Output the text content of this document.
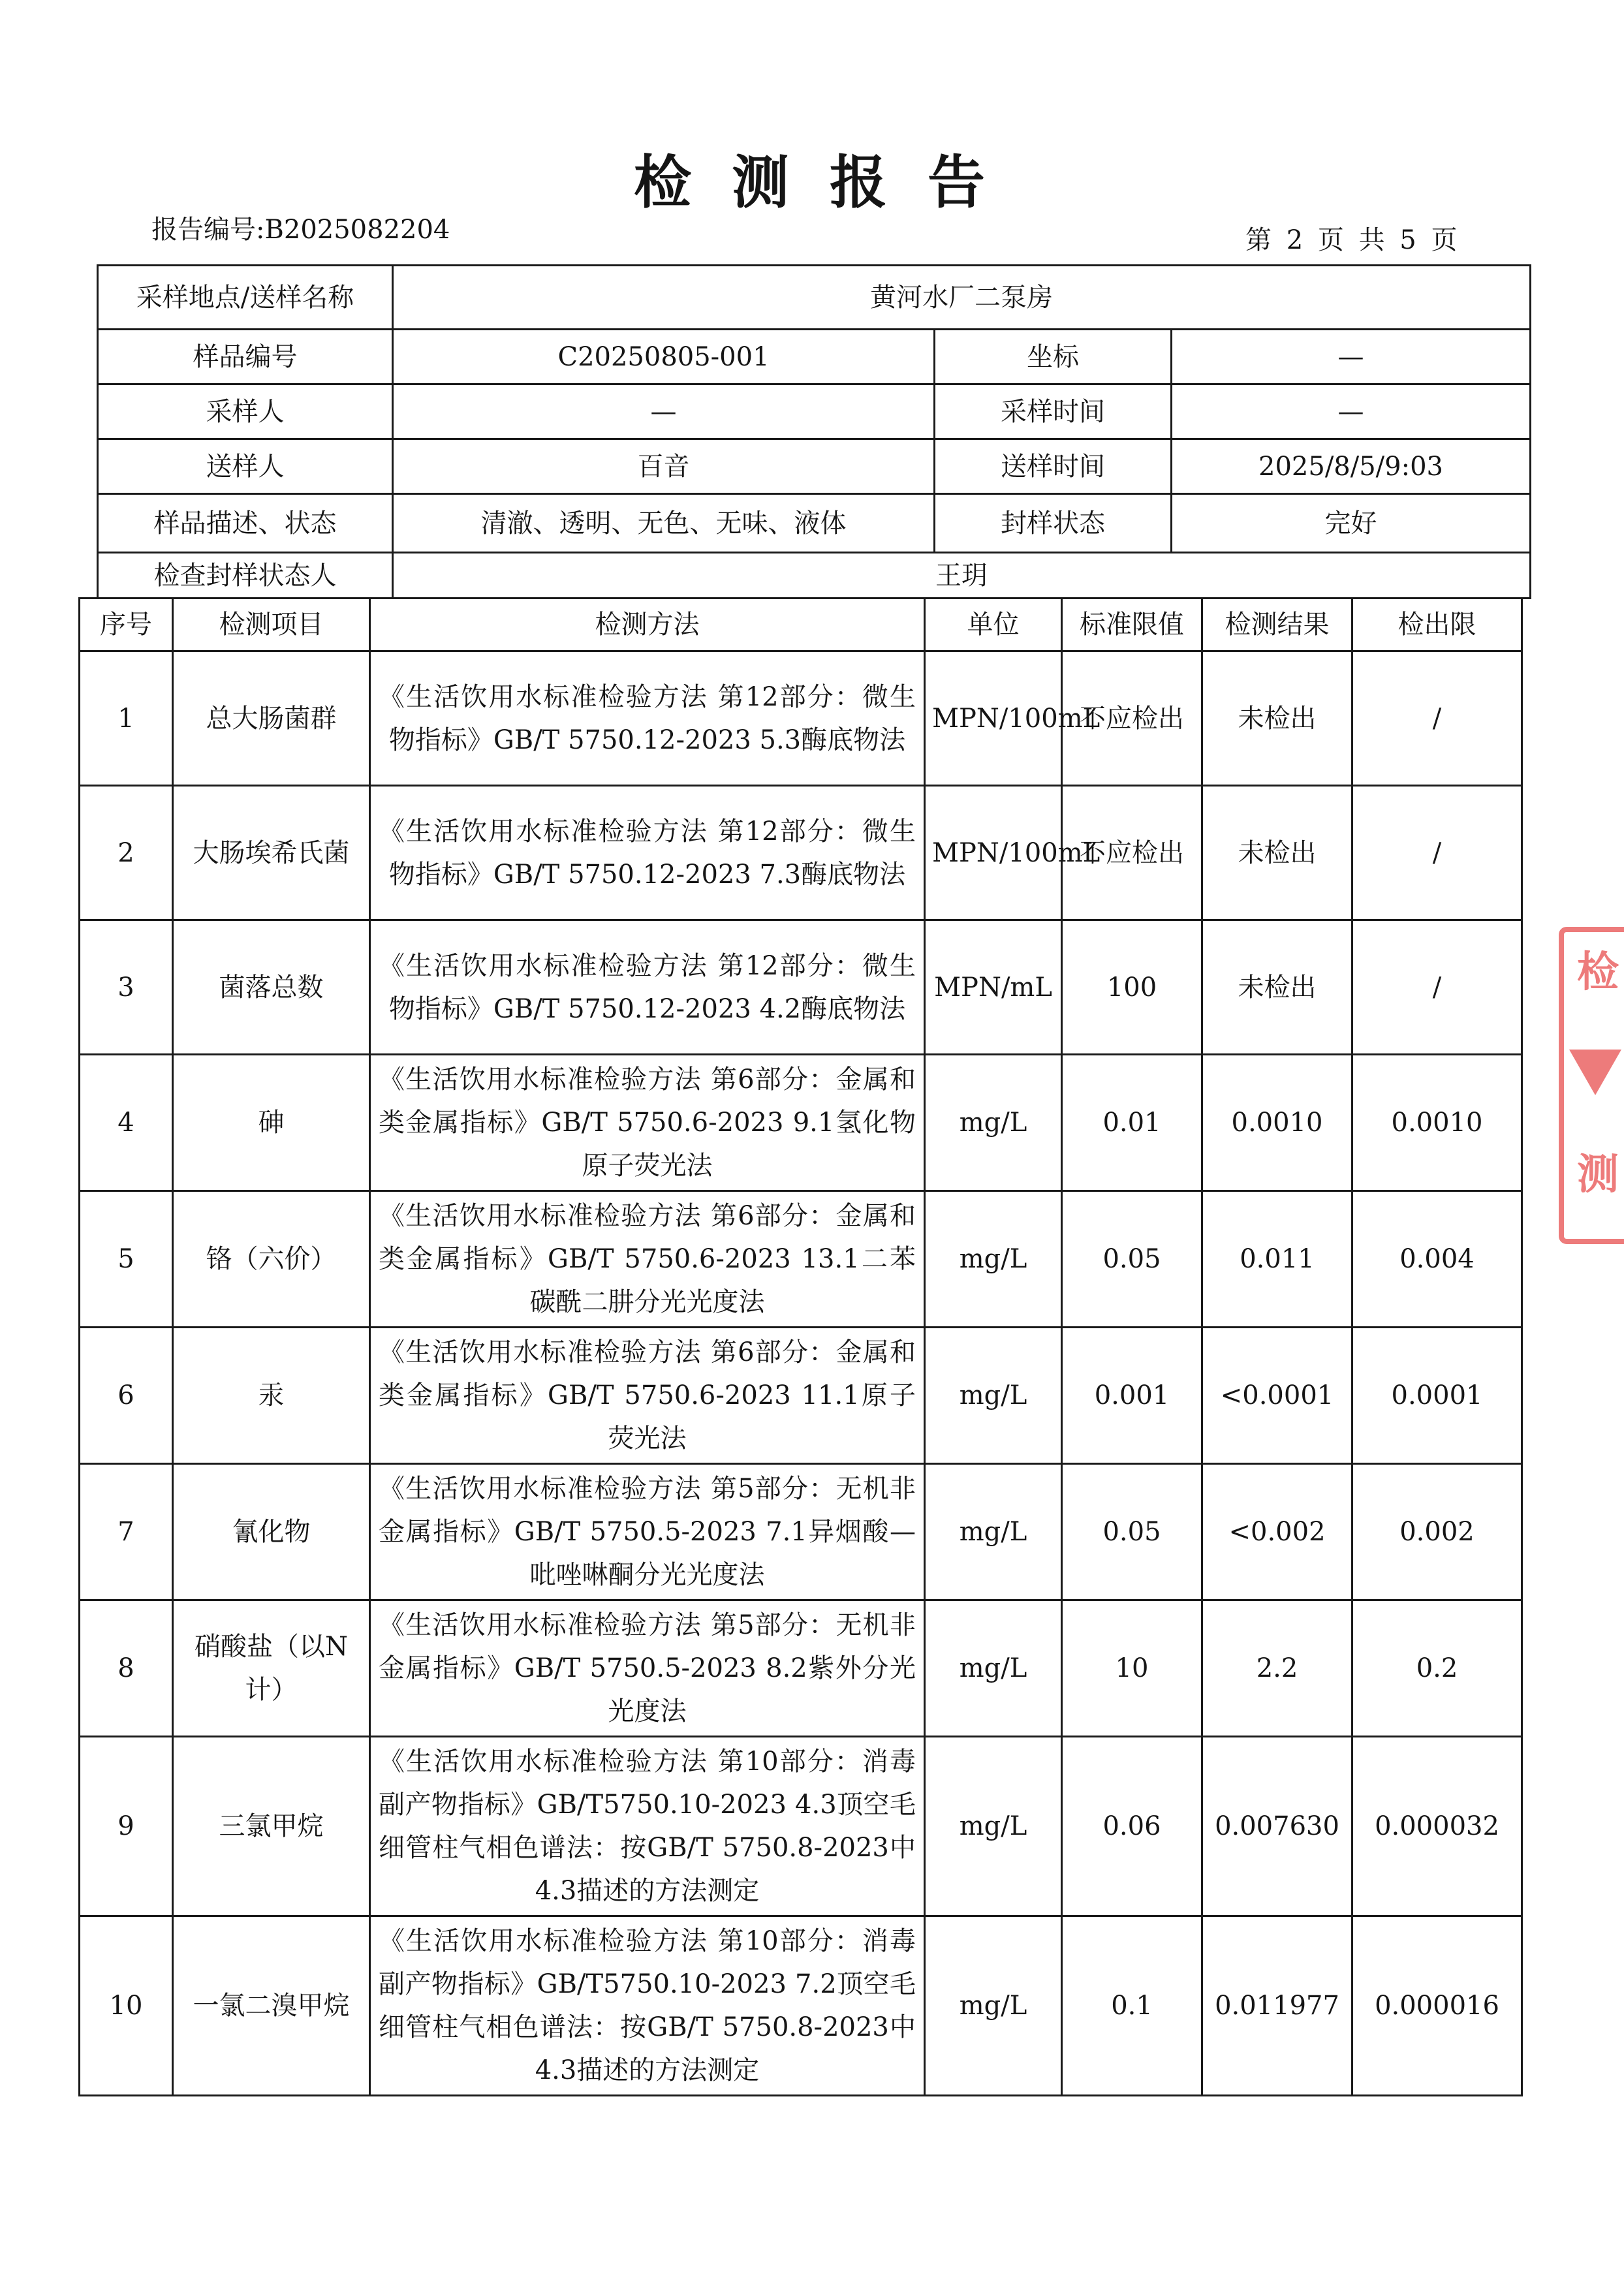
检测报告
报告编号:B2025082204	第 2 页 共 5 页
采样地点/送样名称	黄河水厂二泵房		
样品编号	C20250805-001	坐标	—
采样人	—	采样时间	—
送样人	百音	送样时间	2025/8/5/9:03
样品描述、状态	清澈、透明、无色、无味、液体	封样状态	完好
检查封样状态人	王玥		
序号	检测项目	检测方法	单位	标准限值	检测结果	检出限
1	总大肠菌群	《生活饮用水标准检验方法 第12部分：微生物指标》GB/T 5750.12-2023 5.3酶底物法	MPN/100mL	不应检出	未检出	/
2	大肠埃希氏菌	《生活饮用水标准检验方法 第12部分：微生物指标》GB/T 5750.12-2023 7.3酶底物法	MPN/100mL	不应检出	未检出	/
3	菌落总数	《生活饮用水标准检验方法 第12部分：微生物指标》GB/T 5750.12-2023 4.2酶底物法	MPN/mL	100	未检出	/
4	砷	《生活饮用水标准检验方法 第6部分：金属和类金属指标》GB/T 5750.6-2023 9.1氢化物原子荧光法	mg/L	0.01	0.0010	0.0010
5	铬（六价）	《生活饮用水标准检验方法 第6部分：金属和类金属指标》GB/T 5750.6-2023 13.1二苯碳酰二肼分光光度法	mg/L	0.05	0.011	0.004
6	汞	《生活饮用水标准检验方法 第6部分：金属和类金属指标》GB/T 5750.6-2023 11.1原子荧光法	mg/L	0.001	<0.0001	0.0001
7	氰化物	《生活饮用水标准检验方法 第5部分：无机非金属指标》GB/T 5750.5-2023 7.1异烟酸—吡唑啉酮分光光度法	mg/L	0.05	<0.002	0.002
8	硝酸盐（以N计）	《生活饮用水标准检验方法 第5部分：无机非金属指标》GB/T 5750.5-2023 8.2紫外分光光度法	mg/L	10	2.2	0.2
9	三氯甲烷	《生活饮用水标准检验方法 第10部分：消毒副产物指标》GB/T5750.10-2023 4.3顶空毛细管柱气相色谱法：按GB/T 5750.8-2023中4.3描述的方法测定	mg/L	0.06	0.007630	0.000032
10	一氯二溴甲烷	《生活饮用水标准检验方法 第10部分：消毒副产物指标》GB/T5750.10-2023 7.2顶空毛细管柱气相色谱法：按GB/T 5750.8-2023中4.3描述的方法测定	mg/L	0.1	0.011977	0.000016
检
测
